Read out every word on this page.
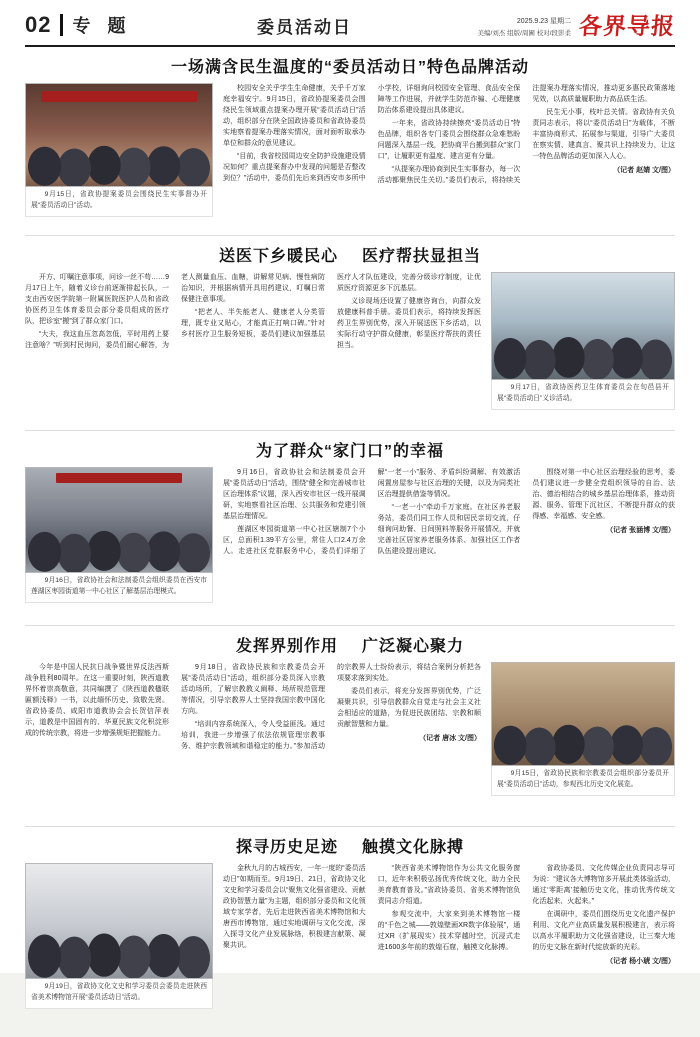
02 专 题	委员活动日	2025.9.23 星期二
美编/刘杰 组版/周圃 校对/段影柔 各界导报
一场满含民生温度的“委员活动日”特色品牌活动
9月15日，省政协提案委员会围绕民生实事督办开展“委员活动日”活动。

校园安全关乎学生生命健康，关乎千万家庭幸福安宁。9月15日，省政协提案委员会围绕民生领域重点提案办理开展“委员活动日”活动，组织部分在陕全国政协委员和省政协委员实地察看提案办理落实情况，面对面听取承办单位和群众的意见建议。

“目前，我省校园周边安全防护设施建设情况如何？重点提案督办中发现的问题是否整改到位？”活动中，委员们先后来到西安市多所中小学校，详细询问校园安全管理、食品安全保障等工作进展，并就学生防范诈骗、心理健康防治体系建设提出具体建议。

一年来，省政协持续擦亮“委员活动日”特色品牌，组织各专门委员会围绕群众急难愁盼问题深入基层一线，把协商平台搬到群众“家门口”，让履职更有温度、建言更有分量。

“从提案办理协商到民生实事督办，每一次活动都聚焦民生关切。”委员们表示，将持续关注提案办理落实情况，推动更多惠民政策落地见效，以高质量履职助力高品质生活。

民生无小事，枝叶总关情。省政协有关负责同志表示，将以“委员活动日”为载体，不断丰富协商形式、拓展参与渠道，引导广大委员在察实情、建真言、聚共识上持续发力，让这一特色品牌活动更加深入人心。

（记者 赵婧 文/图）

送医下乡暖民心 医疗帮扶显担当

开方、叮嘱注意事项，问诊一丝不苟……9月17日上午，随着义诊台前逐渐排起长队，一支由西安医学院第一附属医院医护人员和省政协医药卫生体育委员会部分委员组成的医疗队，把诊室“搬”到了群众家门口。

“大夫，我这血压忽高忽低，平时用药上要注意啥？”听到村民询问，委员们耐心解答，为老人测量血压、血糖，讲解常见病、慢性病防治知识，并根据病情开具用药建议，叮嘱日常保健注意事项。

“把老人、半失能老人、健康老人分类管理，既专业又贴心，才能真正打响口碑。”针对乡村医疗卫生服务短板，委员们建议加强基层医疗人才队伍建设，完善分级诊疗制度，让优质医疗资源更多下沉基层。

义诊现场还设置了健康咨询台，向群众发放健康科普手册。委员们表示，将持续发挥医药卫生界别优势，深入开展送医下乡活动，以实际行动守护群众健康，彰显医疗帮扶的责任担当。

9月17日，省政协医药卫生体育委员会在旬邑县开展“委员活动日”义诊活动。
为了群众“家门口”的幸福
9月16日，省政协社会和法制委员会组织委员在西安市莲湖区枣园街道第一中心社区了解基层治理模式。

9月16日，省政协社会和法制委员会开展“委员活动日”活动，围绕“健全和完善城市社区治理体系”议题，深入西安市社区一线开展调研，实地察看社区治理、公共服务和党建引领基层治理情况。

莲湖区枣园街道第一中心社区辖制7个小区，总面积1.39平方公里，常住人口2.4万余人。走进社区党群服务中心，委员们详细了解“一老一小”服务、矛盾纠纷调解、有效激活闲置房屋参与社区治理的关键，以及为同类社区治理提供借鉴等情况。

“一老一小”牵动千万家庭。在社区养老服务站，委员们同工作人员和居民亲切交流，仔细询问助餐、日间照料等服务开展情况，并就完善社区居家养老服务体系、加强社区工作者队伍建设提出建议。

围绕对第一中心社区治理经验的思考，委员们建议进一步健全党组织领导的自治、法治、德治相结合的城乡基层治理体系，推动资源、服务、管理下沉社区，不断提升群众的获得感、幸福感、安全感。

（记者 张涵博 文/图）

发挥界别作用 广泛凝心聚力

今年是中国人民抗日战争暨世界反法西斯战争胜利80周年。在这一重要时刻，陕西道教界怀着崇高敬意，共同编撰了《陕西道教楹联匾额浅释》一书，以此缅怀历史、致敬先贤。省政协委员、咸阳市道教协会会长贺信萍表示，道教是中国固有的、华夏民族文化积淀形成的传统宗教，将进一步增强规矩把握能力。

9月18日，省政协民族和宗教委员会开展“委员活动日”活动，组织部分委员深入宗教活动场所，了解宗教教义阐释、场所规范管理等情况，引导宗教界人士坚持我国宗教中国化方向。

“培训内容系统深入，令人受益匪浅。通过培训，我进一步增强了依法依规管理宗教事务、维护宗教领域和谐稳定的能力。”参加活动的宗教界人士纷纷表示，将结合案例分析把各项要求落到实处。

委员们表示，将充分发挥界别优势，广泛凝聚共识，引导信教群众自觉走与社会主义社会相适应的道路，为促进民族团结、宗教和顺贡献智慧和力量。

（记者 唐冰 文/图）

9月15日，省政协民族和宗教委员会组织部分委员开展“委员活动日”活动，参观西北历史文化展览。
探寻历史足迹 触摸文化脉搏
9月19日，省政协文化文史和学习委员会委员走进陕西省美术博物馆开展“委员活动日”活动。

金秋九月的古城西安，一年一度的“委员活动日”如期而至。9月19日、21日，省政协文化文史和学习委员会以“聚焦文化强省建设、贡献政协智慧力量”为主题，组织部分委员和文化领域专家学者，先后走进陕西省美术博物馆和大唐西市博物馆，通过实地调研与文化交流，深入探寻文化产业发展脉络，积极建言献策、凝聚共识。

“陕西省美术博物馆作为公共文化服务窗口，近年来积极弘扬优秀传统文化，助力全民美育教育普及。”省政协委员、省美术博物馆负责同志介绍道。

参观交流中，大家来到美术博物馆一楼的“千色之城——敦煌壁画XR数字体验展”，通过XR（扩展现实）技术穿越时空，沉浸式走进1600多年前的敦煌石窟，触摸文化脉搏。

省政协委员、文化传媒企业负责同志导可为说：“建议各大博物馆多开展此类体验活动，通过‘零距离’接触历史文化，推动优秀传统文化活起来、火起来。”

在调研中，委员们围绕历史文化遗产保护利用、文化产业高质量发展积极建言，表示将以高水平履职助力文化强省建设，让三秦大地的历史文脉在新时代绽放新的光彩。

（记者 杨小琥 文/图）
